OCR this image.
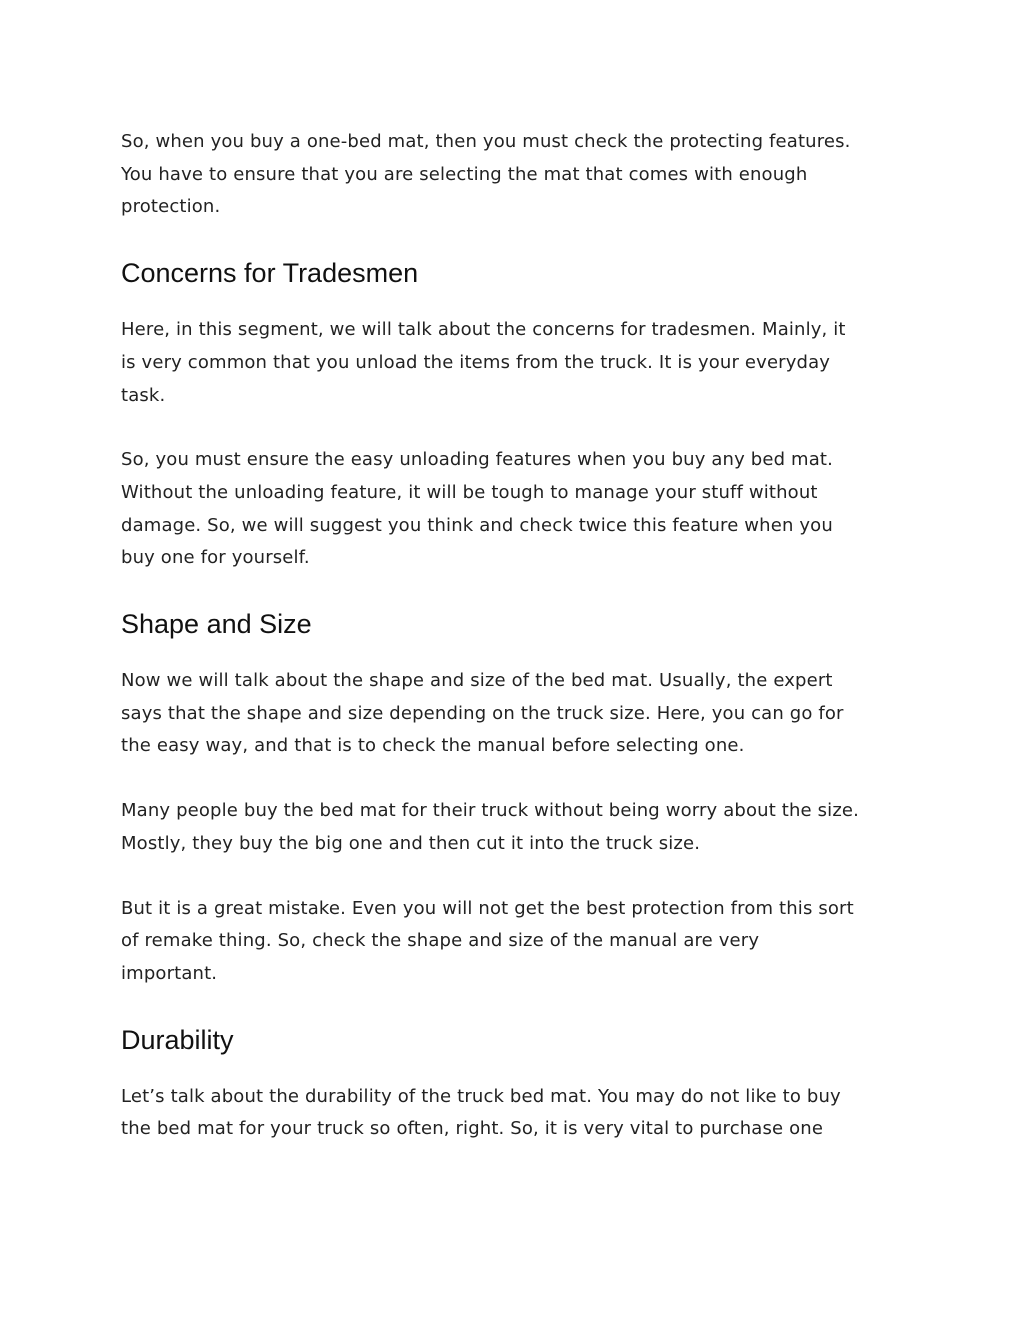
So, when you buy a one-bed mat, then you must check the protecting features.
You have to ensure that you are selecting the mat that comes with enough
protection.
Concerns for Tradesmen
Here, in this segment, we will talk about the concerns for tradesmen. Mainly, it
is very common that you unload the items from the truck. It is your everyday
task.
So, you must ensure the easy unloading features when you buy any bed mat.
Without the unloading feature, it will be tough to manage your stuff without
damage. So, we will suggest you think and check twice this feature when you
buy one for yourself.
Shape and Size
Now we will talk about the shape and size of the bed mat. Usually, the expert
says that the shape and size depending on the truck size. Here, you can go for
the easy way, and that is to check the manual before selecting one.
Many people buy the bed mat for their truck without being worry about the size.
Mostly, they buy the big one and then cut it into the truck size.
But it is a great mistake. Even you will not get the best protection from this sort
of remake thing. So, check the shape and size of the manual are very
important.
Durability
Let’s talk about the durability of the truck bed mat. You may do not like to buy
the bed mat for your truck so often, right. So, it is very vital to purchase one
